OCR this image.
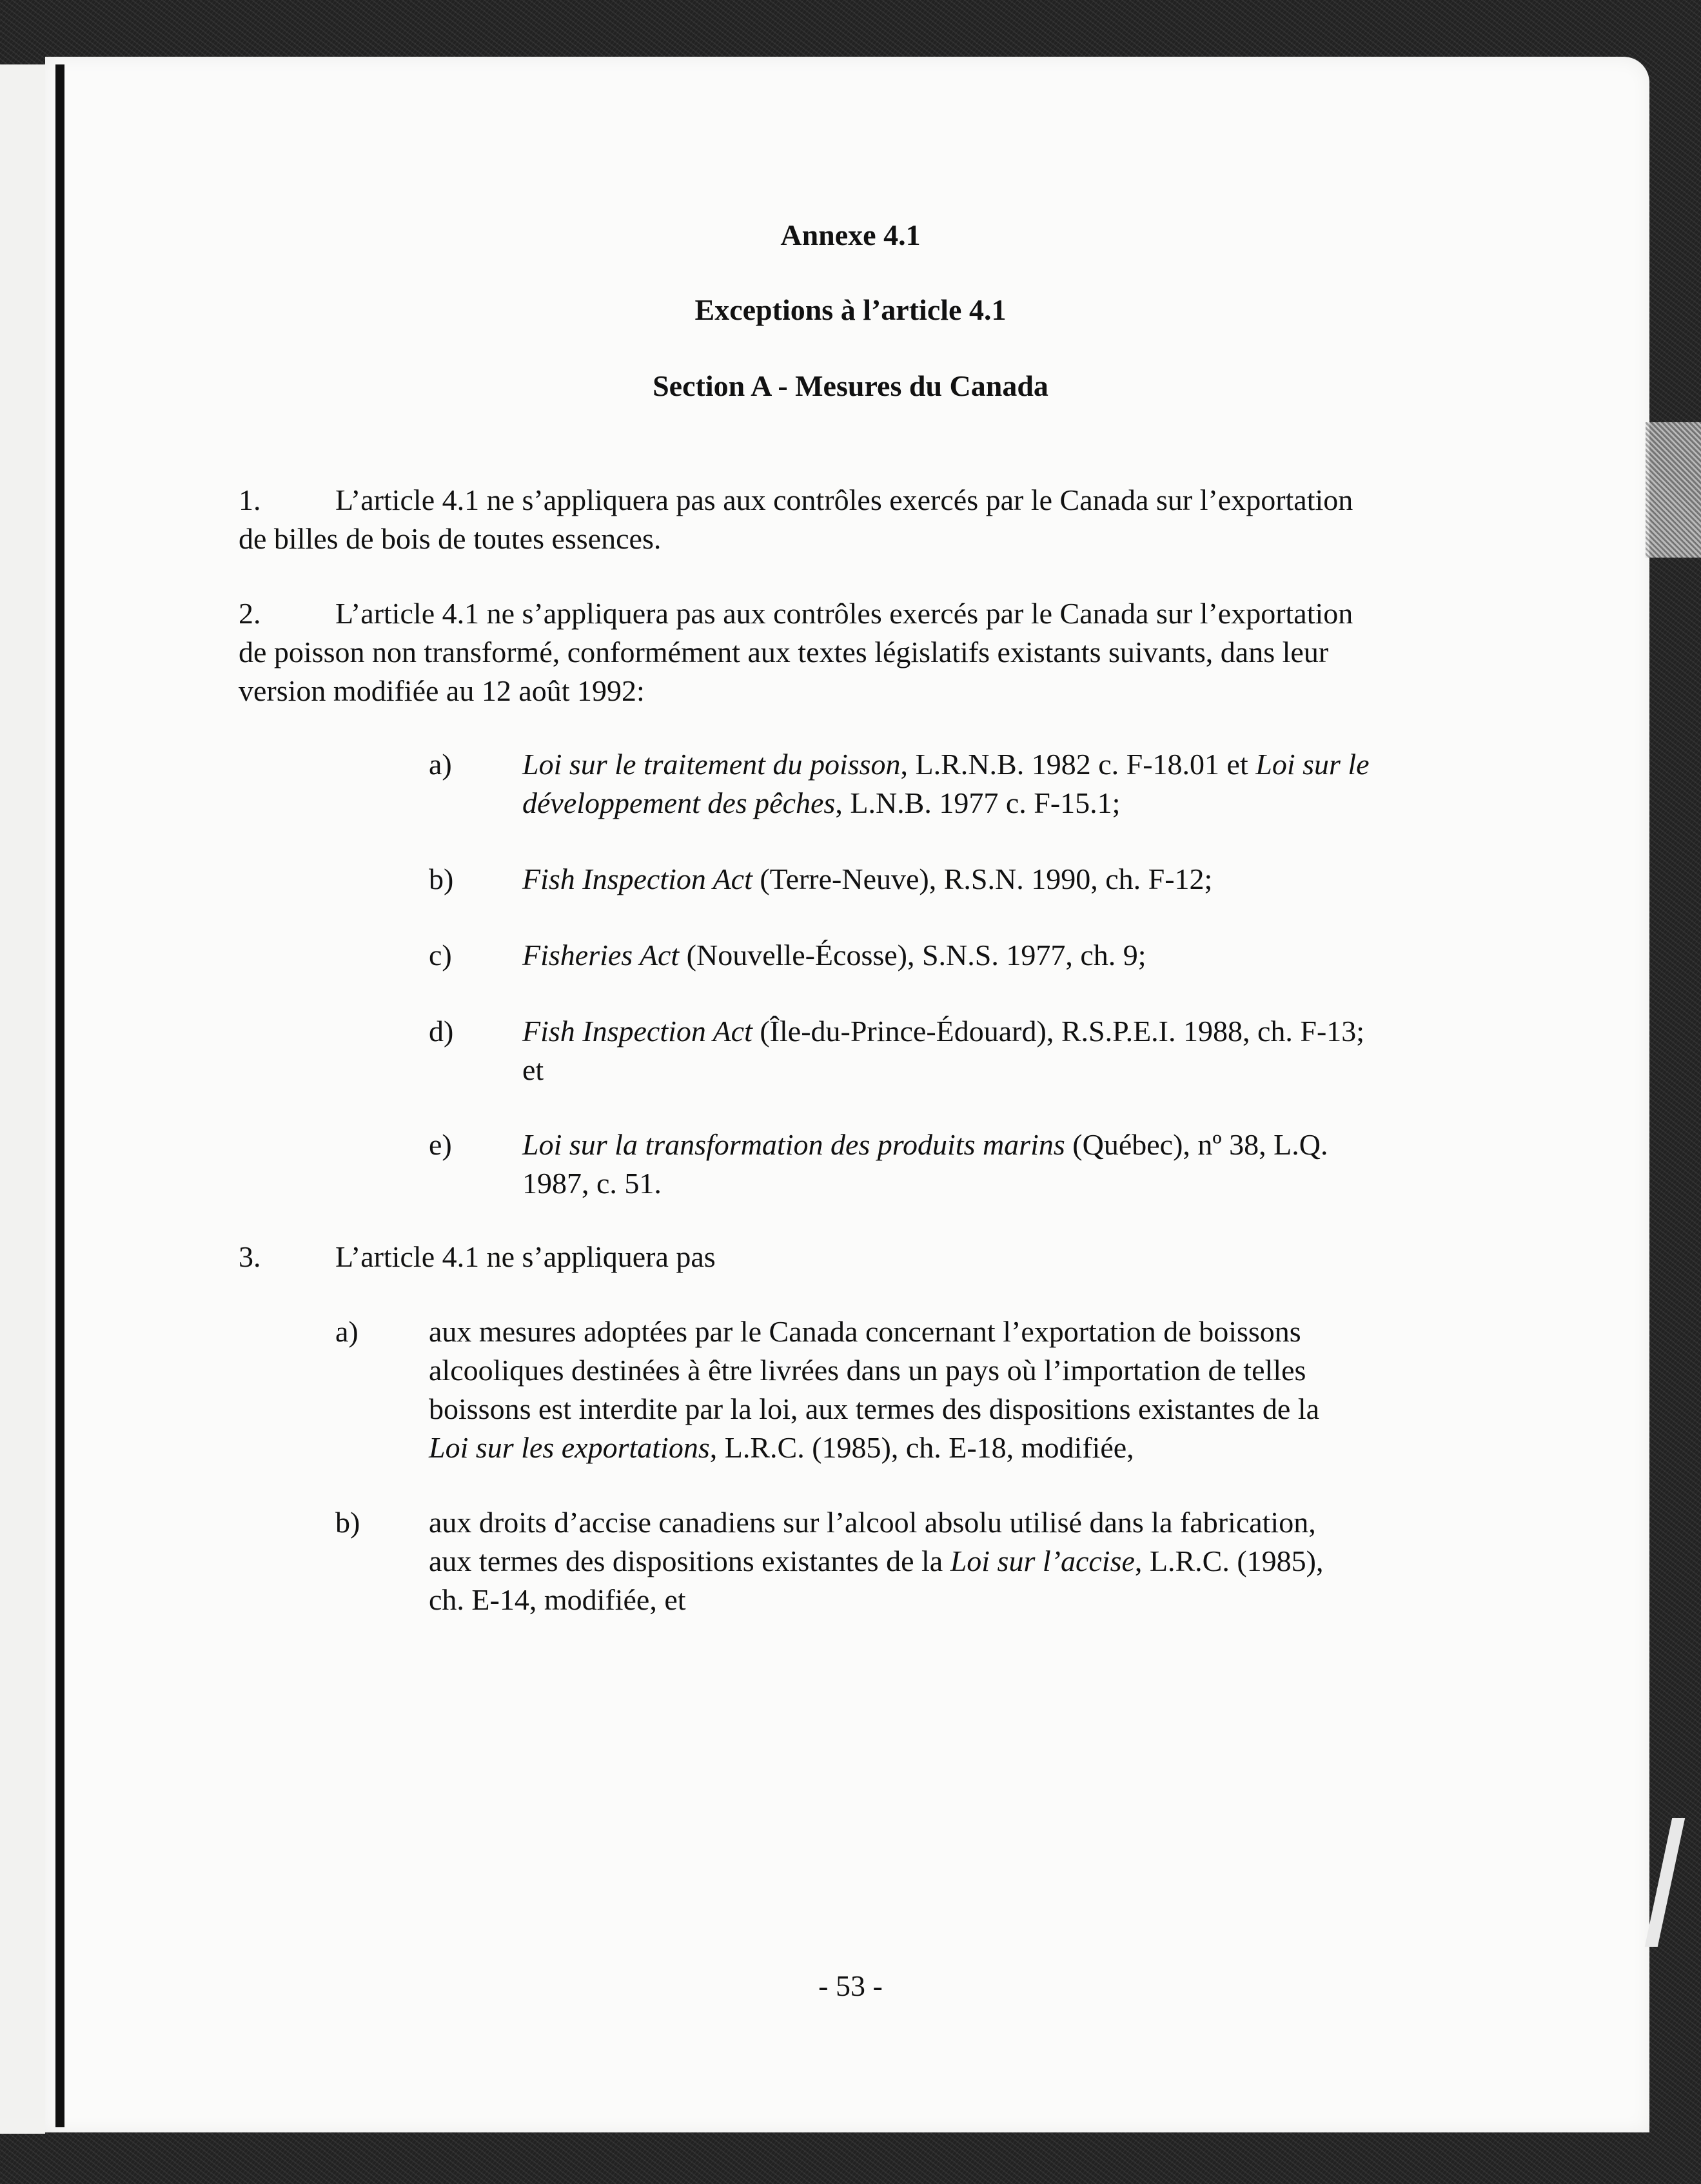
Annexe 4.1
Exceptions à l’article 4.1
Section A - Mesures du Canada
1.	L’article 4.1 ne s’appliquera pas aux contrôles exercés par le Canada sur l’exportation
de billes de bois de toutes essences.
2.	L’article 4.1 ne s’appliquera pas aux contrôles exercés par le Canada sur l’exportation
de poisson non transformé, conformément aux textes législatifs existants suivants, dans leur
version modifiée au 12 août 1992:
a) Loi sur le traitement du poisson, L.R.N.B. 1982 c. F-18.01 et Loi sur le
développement des pêches, L.N.B. 1977 c. F-15.1;
b) Fish Inspection Act (Terre-Neuve), R.S.N. 1990, ch. F-12;
c) Fisheries Act (Nouvelle-Écosse), S.N.S. 1977, ch. 9;
d) Fish Inspection Act (Île-du-Prince-Édouard), R.S.P.E.I. 1988, ch. F-13;
et
e) Loi sur la transformation des produits marins (Québec), nº 38, L.Q.
1987, c. 51.
3.	L’article 4.1 ne s’appliquera pas
a) aux mesures adoptées par le Canada concernant l’exportation de boissons
alcooliques destinées à être livrées dans un pays où l’importation de telles
boissons est interdite par la loi, aux termes des dispositions existantes de la
Loi sur les exportations, L.R.C. (1985), ch. E-18, modifiée,
b) aux droits d’accise canadiens sur l’alcool absolu utilisé dans la fabrication,
aux termes des dispositions existantes de la Loi sur l’accise, L.R.C. (1985),
ch. E-14, modifiée, et
- 53 -
